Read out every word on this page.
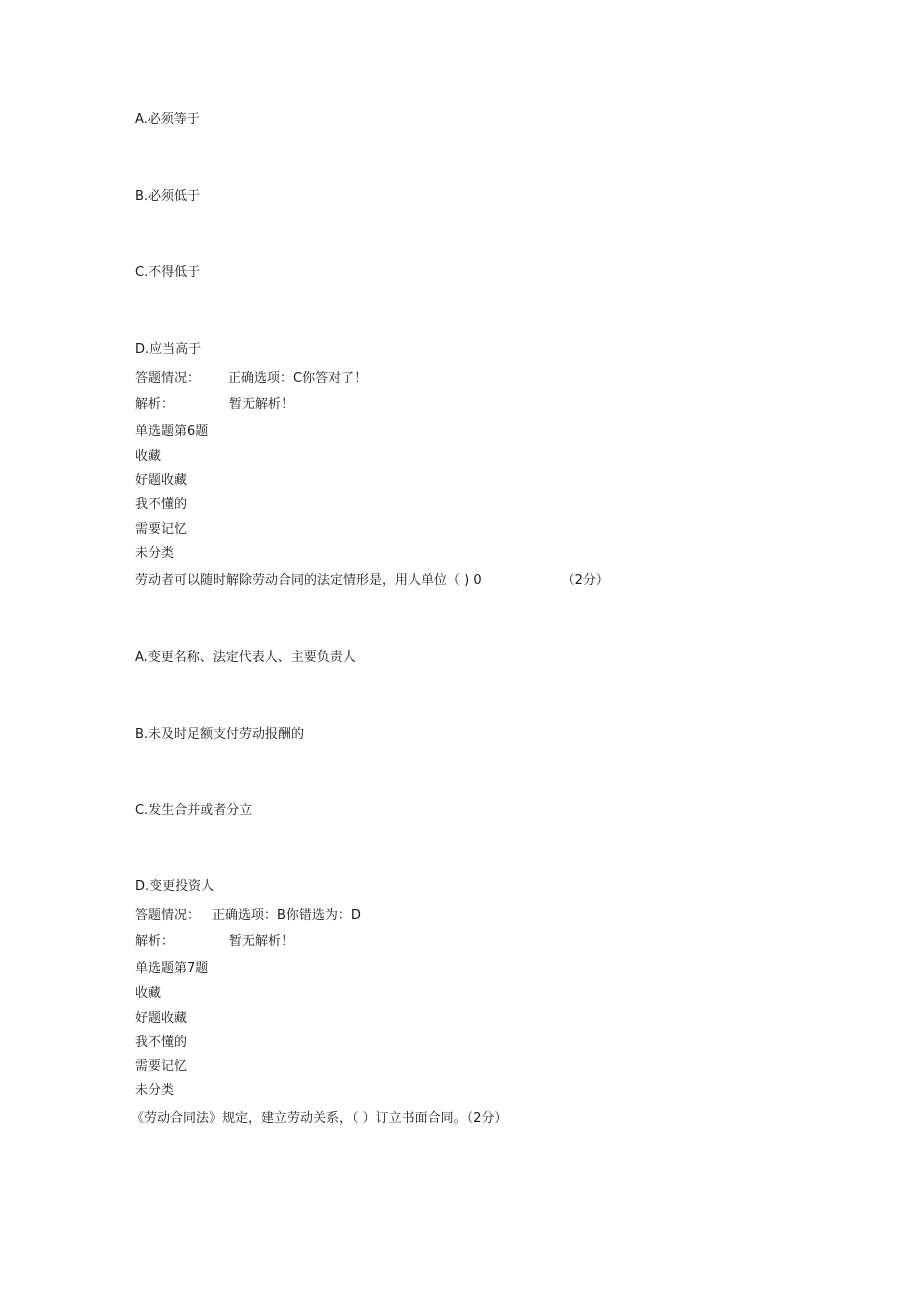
A.必须等于
B.必须低于
C.不得低于
D.应当高于
答题情况： 正确选项：C你答对了！
解析：	暂无解析！
单选题第6题
收藏
好题收藏
我不懂的
需要记忆
未分类
劳动者可以随时解除劳动合同的法定情形是，用人单位（ ) 0	（2分）
A.变更名称、法定代表人、主要负责人
B.未及时足额支付劳动报酬的
C.发生合并或者分立
D.变更投资人
答题情况： 正确选项：B你错选为：D
解析：	暂无解析！
单选题第7题
收藏
好题收藏
我不懂的
需要记忆
未分类
《劳动合同法》规定，建立劳动关系，（ ）订立书面合同。（2分）
